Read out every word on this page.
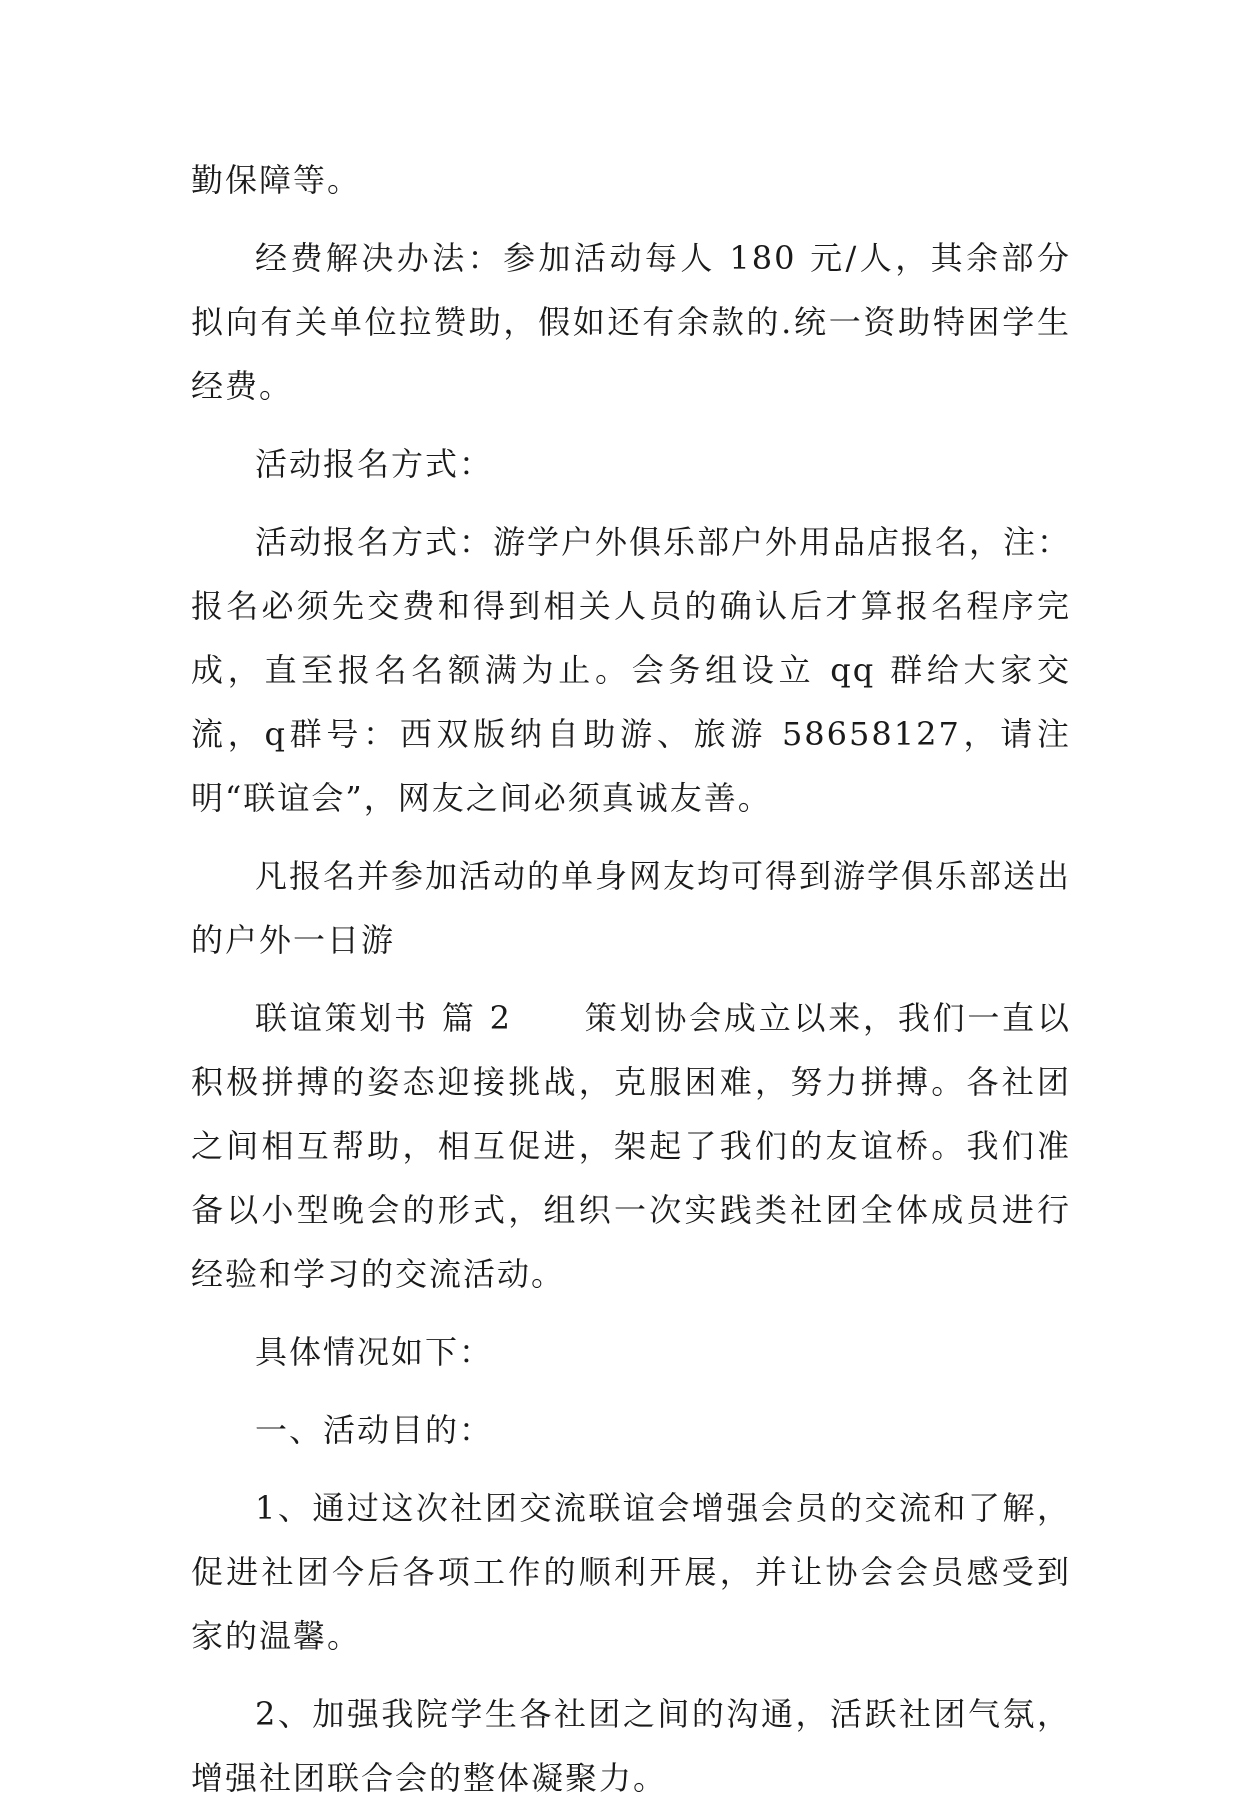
勤保障等。

经费解决办法：参加活动每人 180 元/人，其余部分拟向有关单位拉赞助，假如还有余款的.统一资助特困学生经费。

活动报名方式：

活动报名方式：游学户外俱乐部户外用品店报名，注：报名必须先交费和得到相关人员的确认后才算报名程序完成，直至报名名额满为止。会务组设立 qq 群给大家交流，q群号：西双版纳自助游、旅游 58658127，请注明“联谊会”，网友之间必须真诚友善。

凡报名并参加活动的单身网友均可得到游学俱乐部送出的户外一日游

联谊策划书 篇 2 策划协会成立以来，我们一直以积极拼搏的姿态迎接挑战，克服困难，努力拼搏。各社团之间相互帮助，相互促进，架起了我们的友谊桥。我们准备以小型晚会的形式，组织一次实践类社团全体成员进行经验和学习的交流活动。

具体情况如下：

一、活动目的：

1、通过这次社团交流联谊会增强会员的交流和了解，促进社团今后各项工作的顺利开展，并让协会会员感受到家的温馨。

2、加强我院学生各社团之间的沟通，活跃社团气氛，增强社团联合会的整体凝聚力。
